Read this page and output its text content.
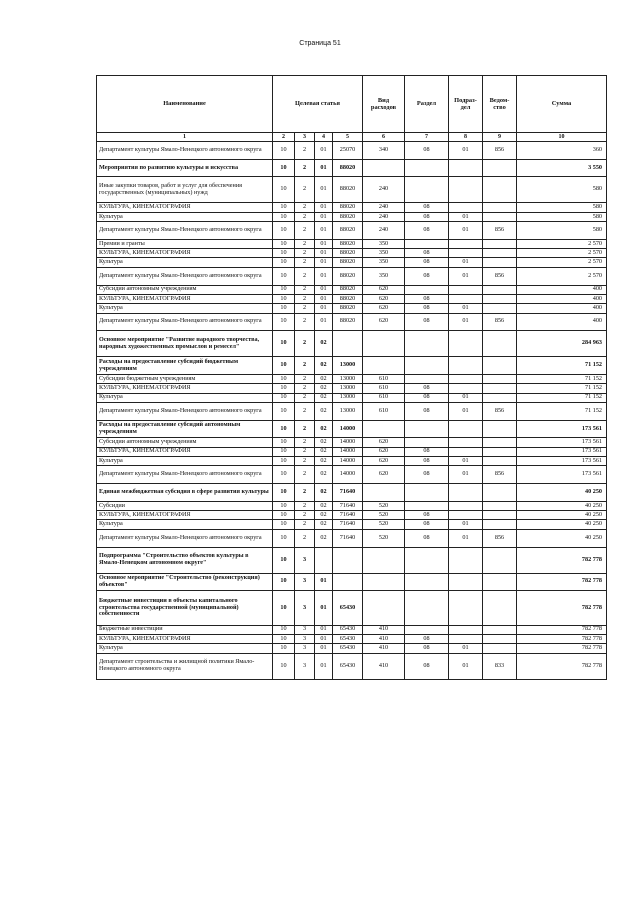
Страница 51
Наименование	Целевая статья				Вид расходов	Раздел	Подраз-дел	Ведом-ство	Сумма
1	2	3	4	5	6	7	8	9	10
Департамент культуры Ямало-Ненецкого автономного округа	10	2	01	25070	340	08	01	856	360
Мероприятия по развитию культуры и искусства	10	2	01	88020					3 550
Иные закупки товаров, работ и услуг для обеспечения государственных (муниципальных) нужд	10	2	01	88020	240				580
КУЛЬТУРА, КИНЕМАТОГРАФИЯ	10	2	01	88020	240	08			580
Культура	10	2	01	88020	240	08	01		580
Департамент культуры Ямало-Ненецкого автономного округа	10	2	01	88020	240	08	01	856	580
Премии и гранты	10	2	01	88020	350				2 570
КУЛЬТУРА, КИНЕМАТОГРАФИЯ	10	2	01	88020	350	08			2 570
Культура	10	2	01	88020	350	08	01		2 570
Департамент культуры Ямало-Ненецкого автономного округа	10	2	01	88020	350	08	01	856	2 570
Субсидии автономным учреждениям	10	2	01	88020	620				400
КУЛЬТУРА, КИНЕМАТОГРАФИЯ	10	2	01	88020	620	08			400
Культура	10	2	01	88020	620	08	01		400
Департамент культуры Ямало-Ненецкого автономного округа	10	2	01	88020	620	08	01	856	400
Основное мероприятие "Развитие народного творчества, народных художественных промыслов и ремесел"	10	2	02						284 963
Расходы на предоставление субсидий бюджетным учреждениям	10	2	02	13000					71 152
Субсидии бюджетным учреждениям	10	2	02	13000	610				71 152
КУЛЬТУРА, КИНЕМАТОГРАФИЯ	10	2	02	13000	610	08			71 152
Культура	10	2	02	13000	610	08	01		71 152
Департамент культуры Ямало-Ненецкого автономного округа	10	2	02	13000	610	08	01	856	71 152
Расходы на предоставление субсидий автономным учреждениям	10	2	02	14000					173 561
Субсидии автономным учреждениям	10	2	02	14000	620				173 561
КУЛЬТУРА, КИНЕМАТОГРАФИЯ	10	2	02	14000	620	08			173 561
Культура	10	2	02	14000	620	08	01		173 561
Департамент культуры Ямало-Ненецкого автономного округа	10	2	02	14000	620	08	01	856	173 561
Единая межбюджетная субсидия в сфере развития культуры	10	2	02	71640					40 250
Субсидии	10	2	02	71640	520				40 250
КУЛЬТУРА, КИНЕМАТОГРАФИЯ	10	2	02	71640	520	08			40 250
Культура	10	2	02	71640	520	08	01		40 250
Департамент культуры Ямало-Ненецкого автономного округа	10	2	02	71640	520	08	01	856	40 250
Подпрограмма "Строительство объектов культуры в Ямало-Ненецком автономном округе"	10	3							782 778
Основное мероприятие "Строительство (реконструкция) объектов"	10	3	01						782 778
Бюджетные инвестиции в объекты капитального строительства государственной (муниципальной) собственности	10	3	01	65430					782 778
Бюджетные инвестиции	10	3	01	65430	410				782 778
КУЛЬТУРА, КИНЕМАТОГРАФИЯ	10	3	01	65430	410	08			782 778
Культура	10	3	01	65430	410	08	01		782 778
Департамент строительства и жилищной политики Ямало-Ненецкого автономного округа	10	3	01	65430	410	08	01	833	782 778
